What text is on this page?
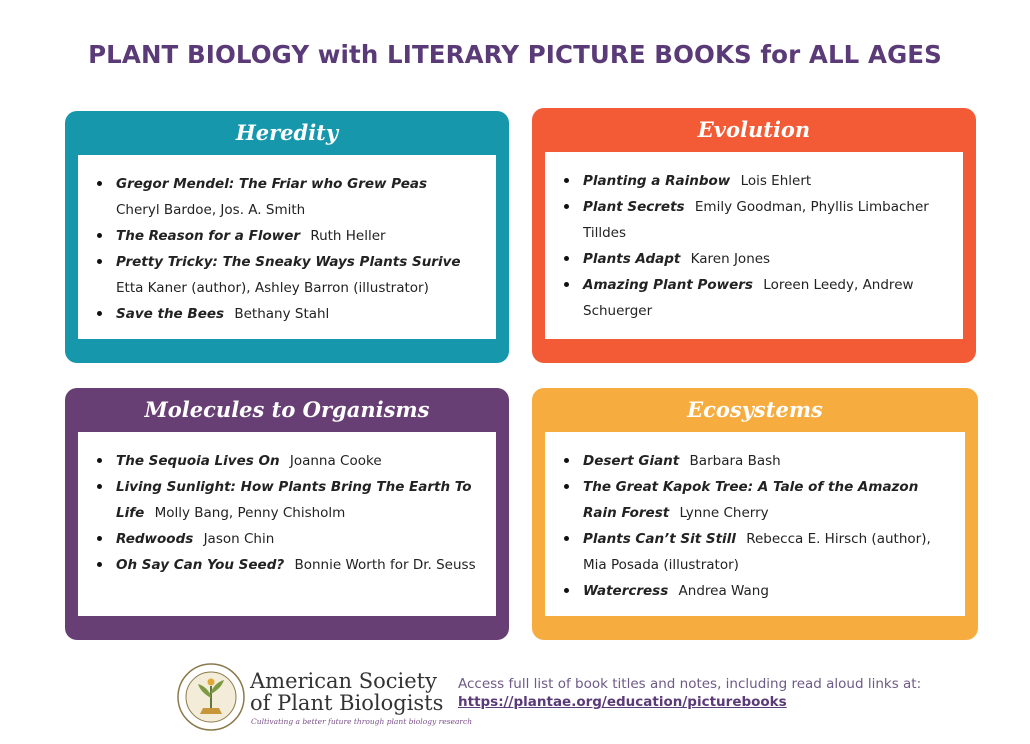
PLANT BIOLOGY with LITERARY PICTURE BOOKS for ALL AGES
Heredity
Gregor Mendel: The Friar who Grew Peas Cheryl Bardoe, Jos. A. Smith
The Reason for a Flower Ruth Heller
Pretty Tricky: The Sneaky Ways Plants Surive Etta Kaner (author), Ashley Barron (illustrator)
Save the Bees Bethany Stahl
Evolution
Planting a Rainbow Lois Ehlert
Plant Secrets Emily Goodman, Phyllis Limbacher Tilldes
Plants Adapt Karen Jones
Amazing Plant Powers Loreen Leedy, Andrew Schuerger
Molecules to Organisms
The Sequoia Lives On Joanna Cooke
Living Sunlight: How Plants Bring The Earth To Life Molly Bang, Penny Chisholm
Redwoods Jason Chin
Oh Say Can You Seed? Bonnie Worth for Dr. Seuss
Ecosystems
Desert Giant Barbara Bash
The Great Kapok Tree: A Tale of the Amazon Rain Forest Lynne Cherry
Plants Can’t Sit Still Rebecca E. Hirsch (author), Mia Posada (illustrator)
Watercress Andrea Wang
American Society
of Plant Biologists
Cultivating a better future through plant biology research
Access full list of book titles and notes, including read aloud links at:
https://plantae.org/education/picturebooks
